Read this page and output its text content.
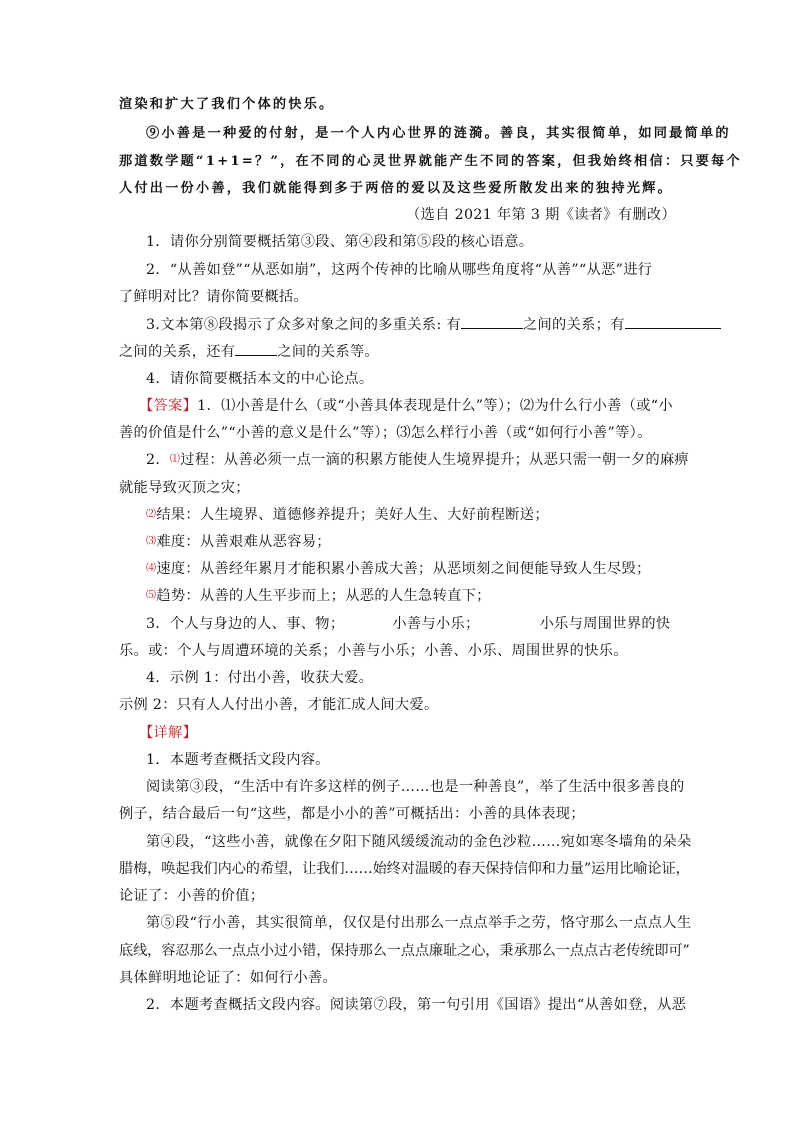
渲染和扩大了我们个体的快乐。
⑨小善是一种爱的付射，是一个人内心世界的涟漪。善良，其实很简单，如同最简单的
那道数学题“1+1=？”，在不同的心灵世界就能产生不同的答案，但我始终相信：只要每个
人付出一份小善，我们就能得到多于两倍的爱以及这些爱所散发出来的独持光辉。
（选自 2021 年第 3 期《读者》有删改）
1．请你分别简要概括第③段、第④段和第⑤段的核心语意。
2．“从善如登”“从恶如崩”，这两个传神的比喻从哪些角度将“从善”“从恶”进行
了鲜明对比？请你简要概括。
3.文本第⑧段揭示了众多对象之间的多重关系: 有	之间的关系；有
之间的关系，还有	之间的关系等。
4．请你简要概括本文的中心论点。
【答案】1．⑴小善是什么（或“小善具体表现是什么”等）；⑵为什么行小善（或“小
善的价值是什么”“小善的意义是什么”等）；⑶怎么样行小善（或“如何行小善”等）。
2．⑴过程：从善必须一点一滴的积累方能使人生境界提升；从恶只需一朝一夕的麻痹
就能导致灭顶之灾；
⑵结果：人生境界、道德修养提升；美好人生、大好前程断送；
⑶难度：从善艰难从恶容易；
⑷速度：从善经年累月才能积累小善成大善；从恶顷刻之间便能导致人生尽毁；
⑸趋势：从善的人生平步而上；从恶的人生急转直下；
3．个人与身边的人、事、物；	小善与小乐；	小乐与周围世界的快
乐。或：个人与周遭环境的关系；小善与小乐；小善、小乐、周围世界的快乐。
4．示例 1：付出小善，收获大爱。
示例 2：只有人人付出小善，才能汇成人间大爱。
【详解】
1．本题考查概括文段内容。
阅读第③段，“生活中有许多这样的例子……也是一种善良”，举了生活中很多善良的
例子，结合最后一句“这些，都是小小的善”可概括出：小善的具体表现；
第④段，“这些小善，就像在夕阳下随风缓缓流动的金色沙粒……宛如寒冬墙角的朵朵
腊梅，唤起我们内心的希望，让我们……始终对温暖的春天保持信仰和力量”运用比喻论证，
论证了：小善的价值；
第⑤段“行小善，其实很简单，仅仅是付出那么一点点举手之劳，恪守那么一点点人生
底线，容忍那么一点点小过小错，保持那么一点点廉耻之心，秉承那么一点点古老传统即可”
具体鲜明地论证了：如何行小善。
2．本题考查概括文段内容。阅读第⑦段，第一句引用《国语》提出“从善如登，从恶
